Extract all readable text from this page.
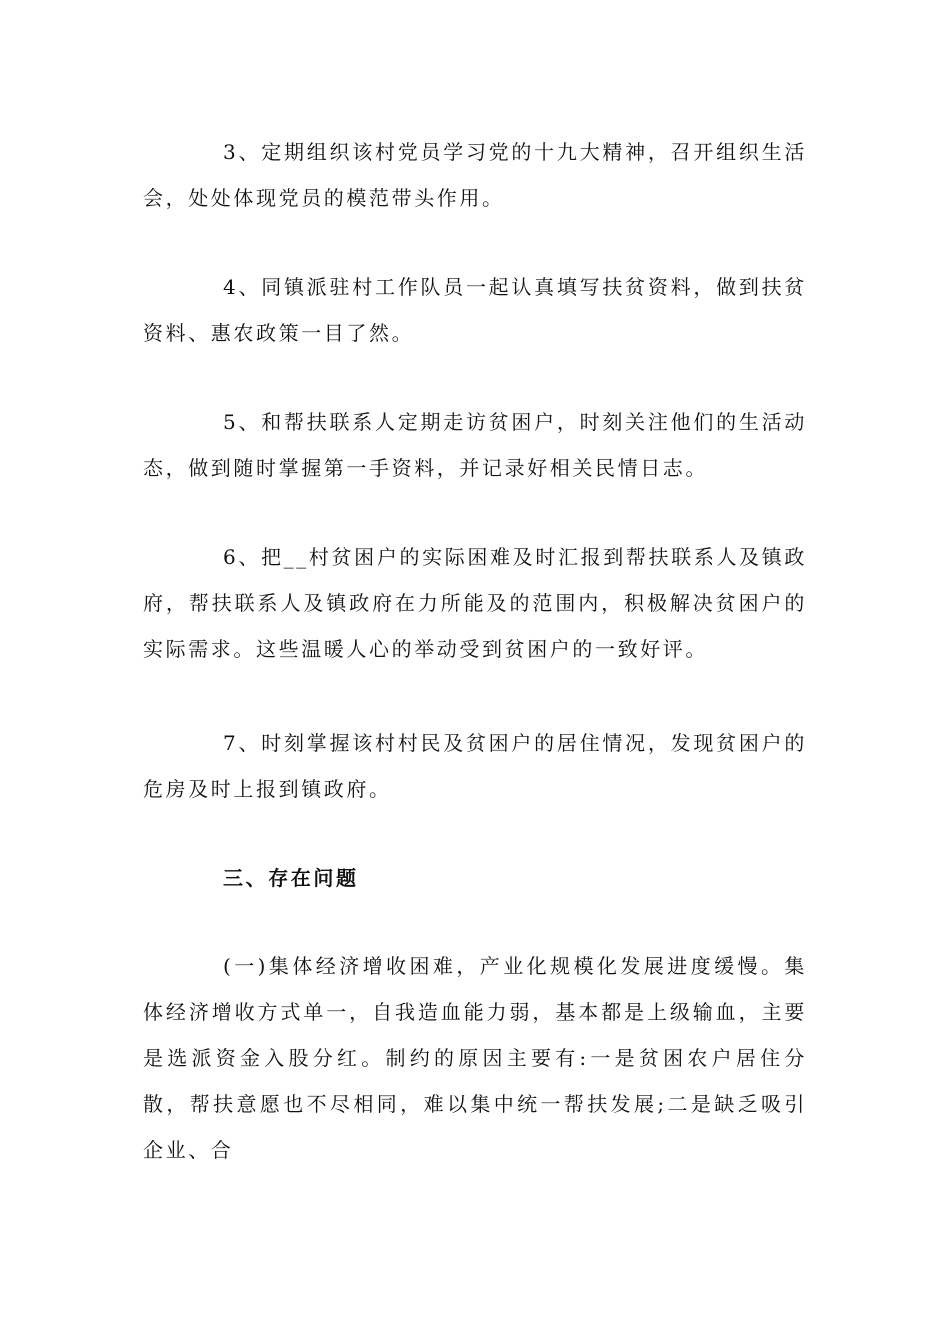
3、定期组织该村党员学习党的十九大精神，召开组织生活会，处处体现党员的模范带头作用。

4、同镇派驻村工作队员一起认真填写扶贫资料，做到扶贫资料、惠农政策一目了然。

5、和帮扶联系人定期走访贫困户，时刻关注他们的生活动态，做到随时掌握第一手资料，并记录好相关民情日志。

6、把__村贫困户的实际困难及时汇报到帮扶联系人及镇政府，帮扶联系人及镇政府在力所能及的范围内，积极解决贫困户的实际需求。这些温暖人心的举动受到贫困户的一致好评。

7、时刻掌握该村村民及贫困户的居住情况，发现贫困户的危房及时上报到镇政府。

三、存在问题

(一)集体经济增收困难，产业化规模化发展进度缓慢。集体经济增收方式单一，自我造血能力弱，基本都是上级输血，主要是选派资金入股分红。制约的原因主要有:一是贫困农户居住分散，帮扶意愿也不尽相同，难以集中统一帮扶发展;二是缺乏吸引企业、合
